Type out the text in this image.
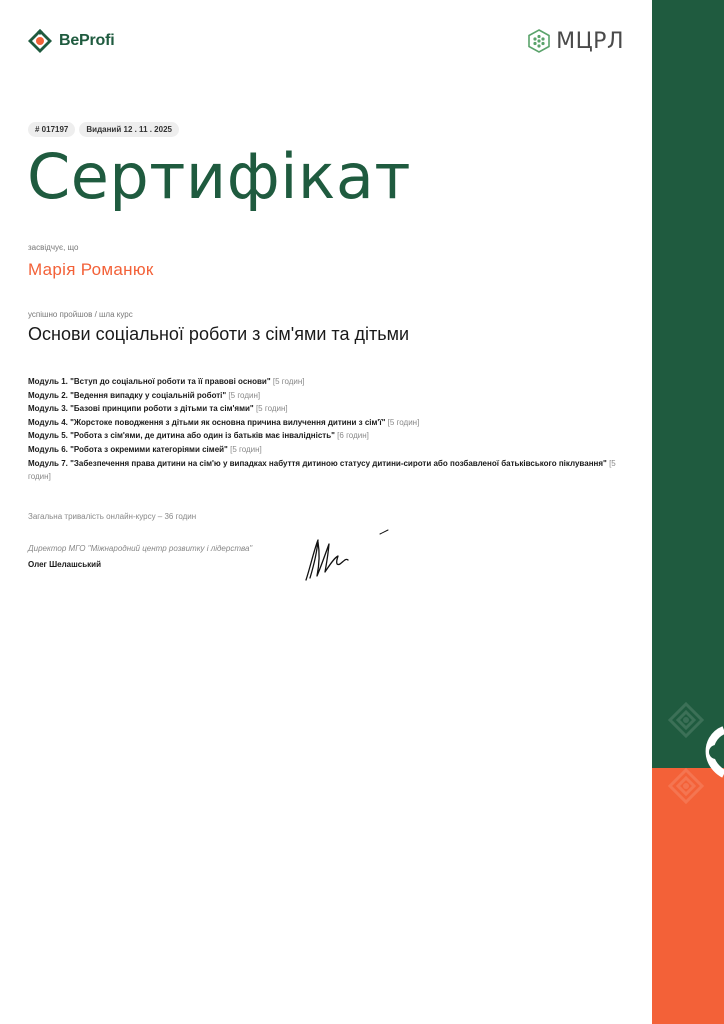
BeProfi	МЦРЛ
# 017197	Виданий 12 . 11 . 2025
Сертифікат
засвідчує, що
Марія Романюк
успішно пройшов / шла курс
Основи соціальної роботи з сім'ями та дітьми
Модуль 1. "Вступ до соціальної роботи та її правові основи" [5 годин]
Модуль 2. "Ведення випадку у соціальній роботі" [5 годин]
Модуль 3. "Базові принципи роботи з дітьми та сім'ями" [5 годин]
Модуль 4. "Жорстоке поводження з дітьми як основна причина вилучення дитини з сім'ї" [5 годин]
Модуль 5. "Робота з сім'ями, де дитина або один із батьків має інвалідність" [6 годин]
Модуль 6. "Робота з окремими категоріями сімей" [5 годин]
Модуль 7. "Забезпечення права дитини на сім'ю у випадках набуття дитиною статусу дитини-сироти або позбавленої батьківського піклування" [5 годин]
Загальна тривалість онлайн-курсу – 36 годин
Директор МГО "Міжнародний центр розвитку і лідерства"
Олег Шелашський
